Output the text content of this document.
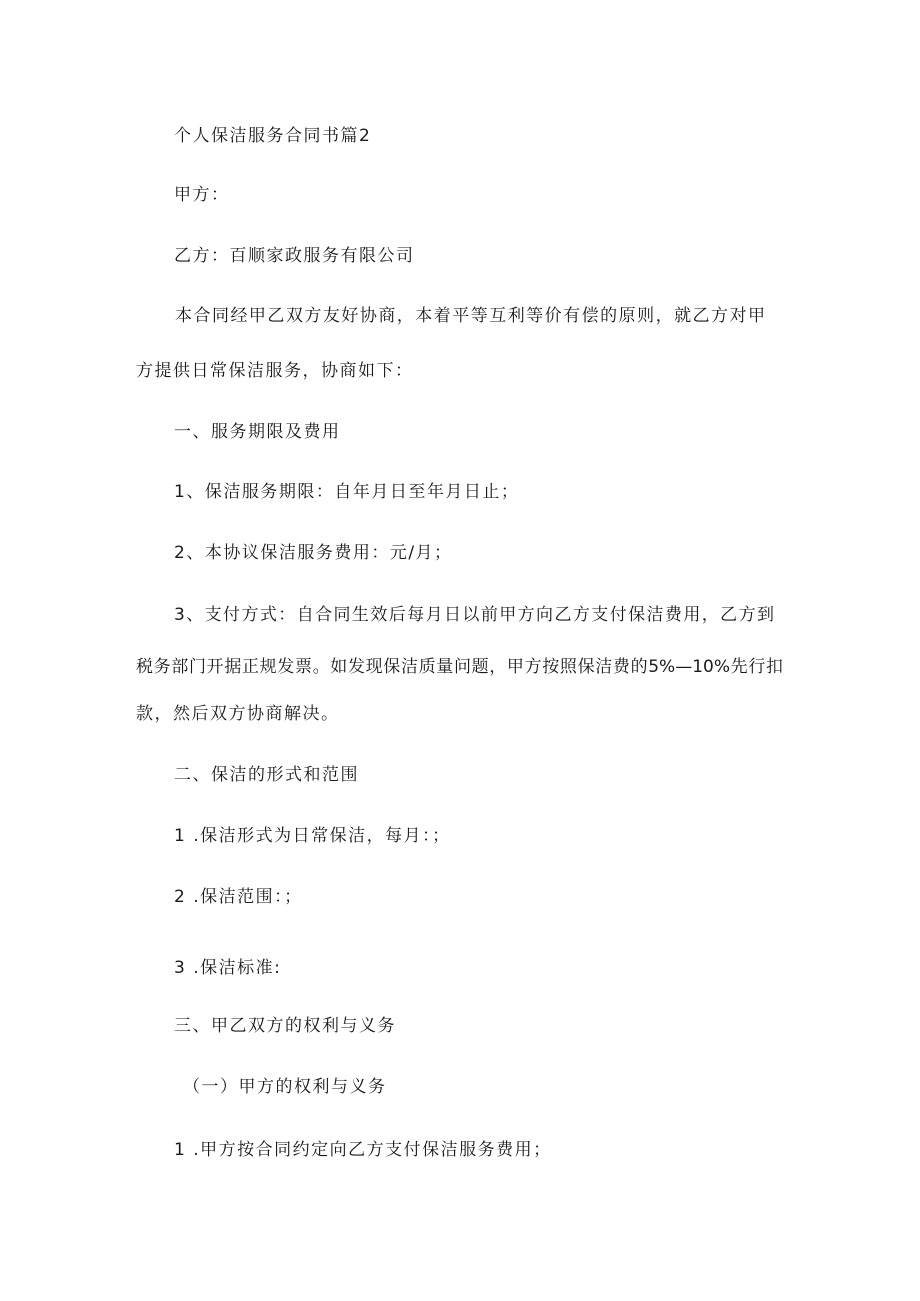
个人保洁服务合同书篇2
甲方：
乙方：百顺家政服务有限公司
本合同经甲乙双方友好协商，本着平等互利等价有偿的原则，就乙方对甲
方提供日常保洁服务，协商如下：
一、服务期限及费用
1、保洁服务期限：自年月日至年月日止；
2、本协议保洁服务费用：元/月；
3、支付方式：自合同生效后每月日以前甲方向乙方支付保洁费用，乙方到
税务部门开据正规发票。如发现保洁质量问题，甲方按照保洁费的5%—10%先行扣
款，然后双方协商解决。
二、保洁的形式和范围
1 .保洁形式为日常保洁，每月：；
2 .保洁范围：；
3 .保洁标准:
三、甲乙双方的权利与义务
（一）甲方的权利与义务
1 .甲方按合同约定向乙方支付保洁服务费用；
